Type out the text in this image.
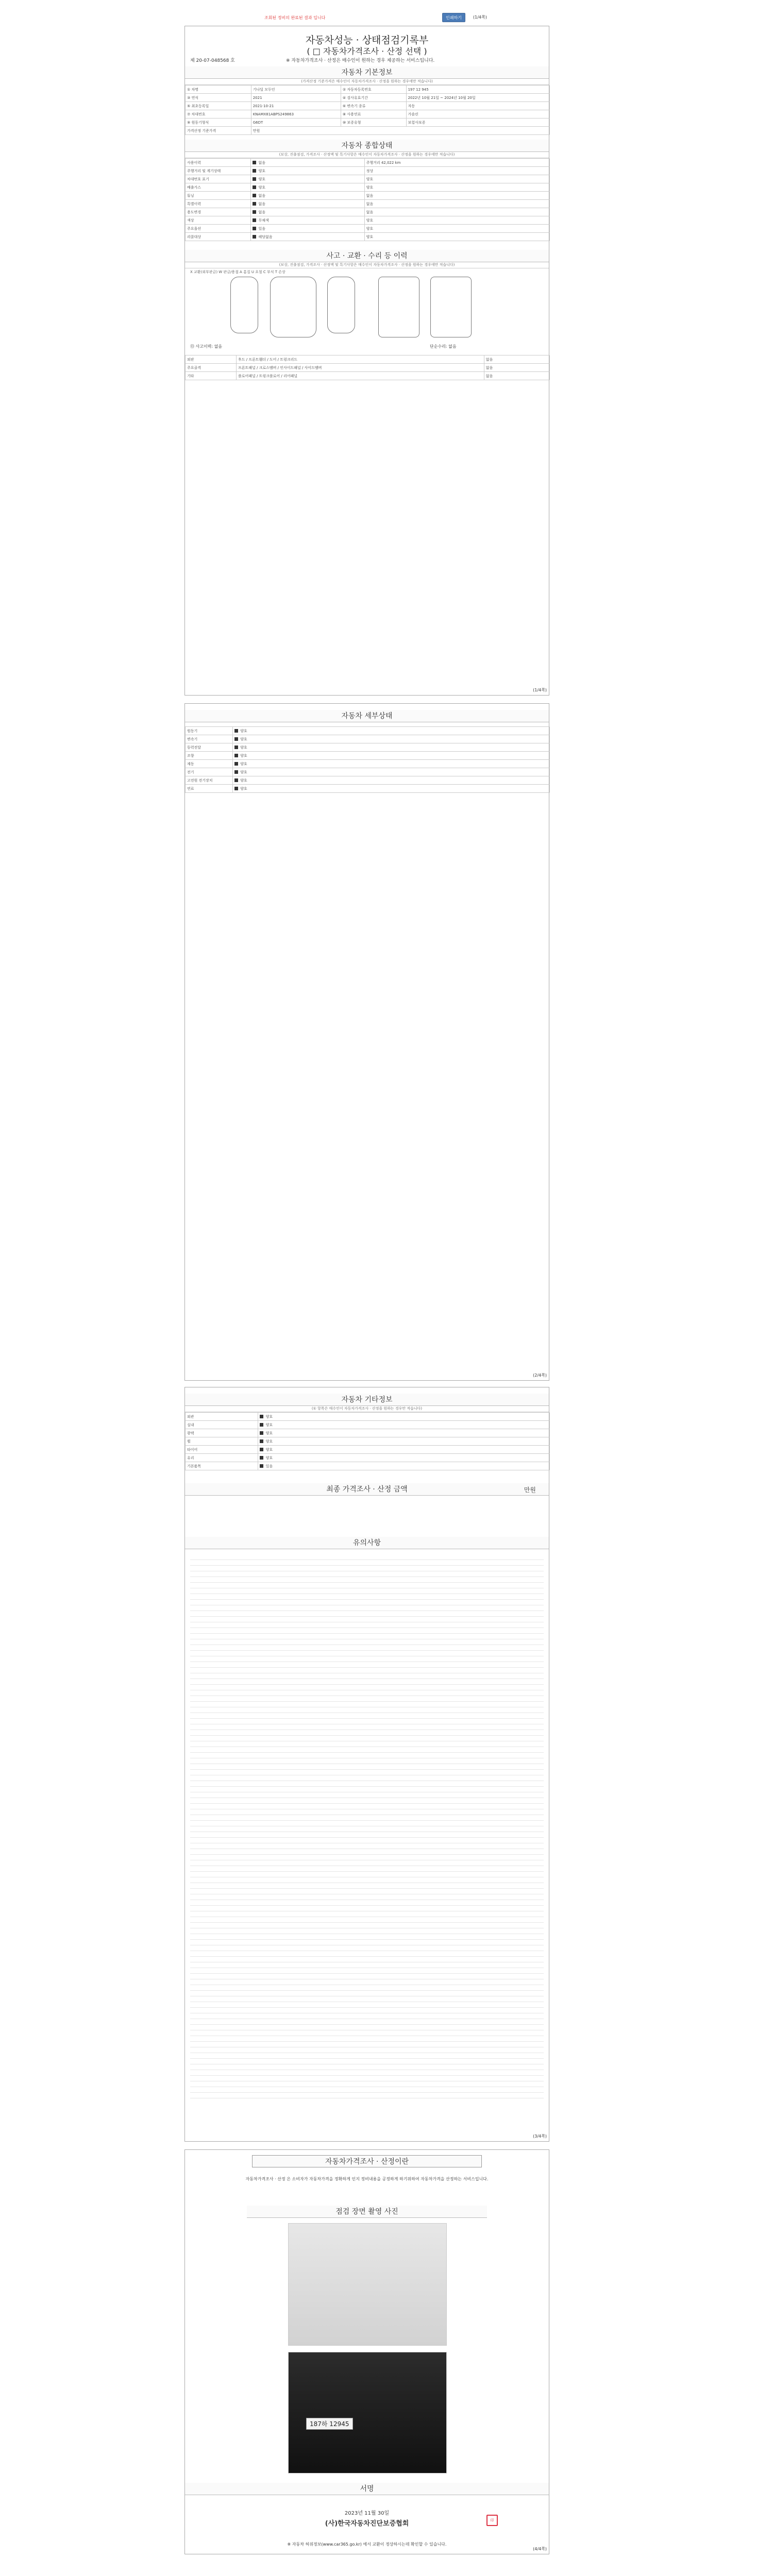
조회된 정비의 완료된 결과 입니다	인쇄하기	(1/4쪽)
자동차성능 · 상태점검기록부
( □ 자동차가격조사 · 산정 선택 )
제 20-07-048568 호	※ 자동차가격조사 · 산정은 매수인이 원하는 경우 제공하는 서비스입니다.
자동차 기본정보
(가격산정 기준가격은 매수인이 자동차가격조사 · 산정을 원하는 경우에만 적습니다)
① 차명	기나딜 모두인	② 자동차등록번호	197 12 945
③ 연식	2021	④ 검사유효기간	2022년 10월 21일 ~ 2024년 10월 20일
⑤ 최초등록일	2021-10-21	⑥ 변속기 종류	자동
⑦ 차대번호	KNAMX81ABPS249863	⑧ 사용연료	가솔린
⑨ 원동기형식	G6DT	⑩ 보증유형	보험사보증
가격산정 기준가격	만원		
자동차 종합상태
(보상, 진출점검, 가격조사 · 산정액 및 특기사항은 매수인이 자동차가격조사 · 산정을 원하는 경우에만 적습니다)
사용이력	없음	주행거리 42,022 km
주행거리 및 계기상태	양호	정상
차대번호 표기	양호	양호
배출가스	양호	양호
튜닝	없음	없음
특별이력	없음	없음
용도변경	없음	없음
색상	무채색	양호
주요옵션	있음	양호
리콜대상	해당없음	양호
사고 · 교환 · 수리 등 이력
(보상, 진출점검, 가격조사 · 산정액 및 특기사항은 매수인이 자동차가격조사 · 산정을 원하는 경우에만 적습니다)
X 교환(외부판금) W 판금/용접 A 흠집 U 요철 C 부식 T 손상
⑬ 사고이력: 없음	단순수리: 없음
외판	후드 / 프론트휀더 / 도어 / 트렁크리드	없음
주요골격	프론트패널 / 크로스멤버 / 인사이드패널 / 사이드멤버	없음
기타	플로어패널 / 트렁크플로어 / 리어패널	없음
(1/4쪽)
자동차 세부상태
원동기	양호
변속기	양호
동력전달	양호
조향	양호
제동	양호
전기	양호
고전원 전기장치	양호
연료	양호
(2/4쪽)
자동차 기타정보
(① 항목은 매수인이 자동차가격조사 · 산정을 원하는 경우만 적습니다)
외관	양호
실내	양호
광택	양호
휠	양호
타이어	양호
유리	양호
기본품목	있음
최종 가격조사 · 산정 금액	만원
유의사항
(3/4쪽)
자동차가격조사 · 산정이란
자동차가격조사 · 산정 은 소비자가 자동차가격을 정확하게 인지 정비내용을 공정하게 하기위하여 자동차가격을 산정하는 서비스입니다.
점검 장면 촬영 사진
187하 12945
서명
2023년 11월 30일
(사)한국자동차진단보증협회	印
※ 자동차 허위정보(www.car365.go.kr) 에서 교환이 정상하시는데 확인할 수 있습니다.
(4/4쪽)
